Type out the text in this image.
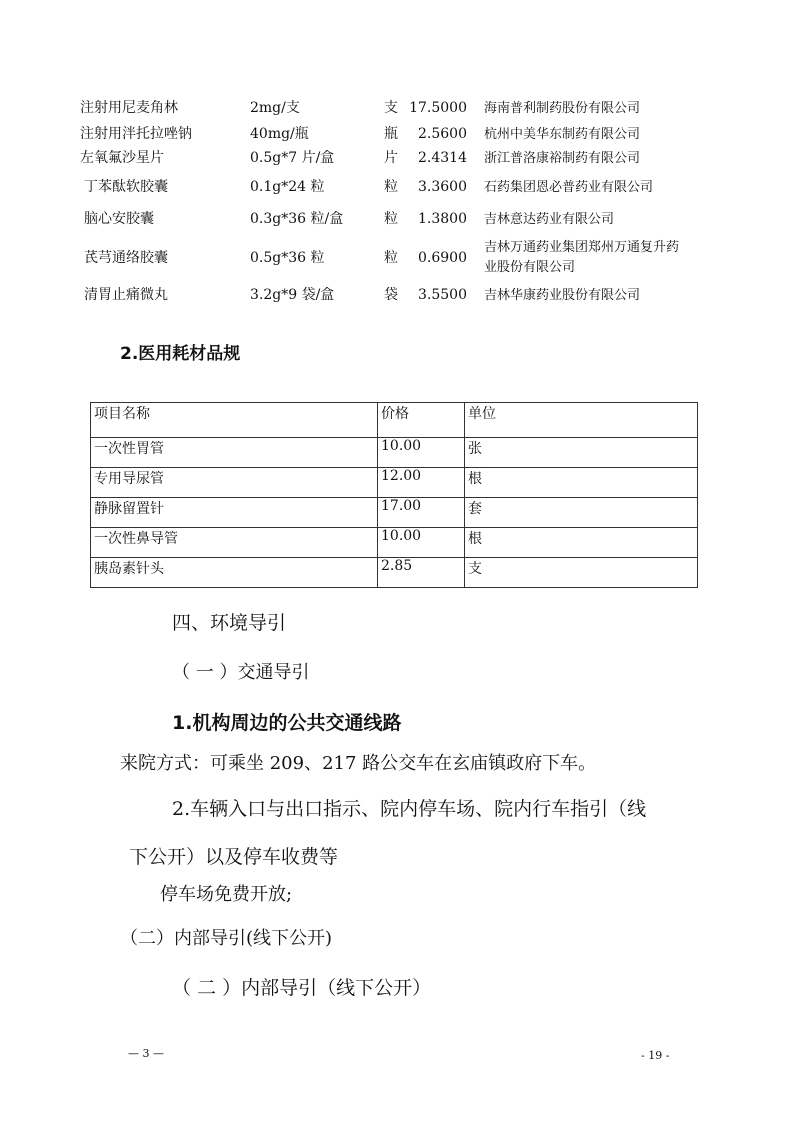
注射用尼麦角林	2mg/支	支 17.5000 海南普利制药股份有限公司
注射用泮托拉唑钠	40mg/瓶	瓶	2.5600 杭州中美华东制药有限公司
左氧氟沙星片	0.5g*7 片/盒	片	2.4314 浙江普洛康裕制药有限公司
丁苯酞软胶囊	0.1g*24 粒	粒	3.3600 石药集团恩必普药业有限公司
脑心安胶囊	0.3g*36 粒/盒	粒	1.3800 吉林意达药业有限公司
芪芎通络胶囊	0.5g*36 粒	粒	0.6900
吉林万通药业集团郑州万通复升药业股份有限公司
清胃止痛微丸	3.2g*9 袋/盒	袋	3.5500 吉林华康药业股份有限公司
2.医用耗材品规
项目名称	价格	单位
一次性胃管	10.00	张
专用导尿管	12.00	根
静脉留置针	17.00	套
一次性鼻导管	10.00	根
胰岛素针头	2.85	支
四、环境导引
（ 一 ）交通导引
1.机构周边的公共交通线路
来院方式：可乘坐 209、217 路公交车在玄庙镇政府下车。
2.车辆入口与出口指示、院内停车场、院内行车指引（线
下公开）以及停车收费等
停车场免费开放;
（二）内部导引(线下公开)
（ 二 ）内部导引（线下公开）
— 3 —	- 19 -
